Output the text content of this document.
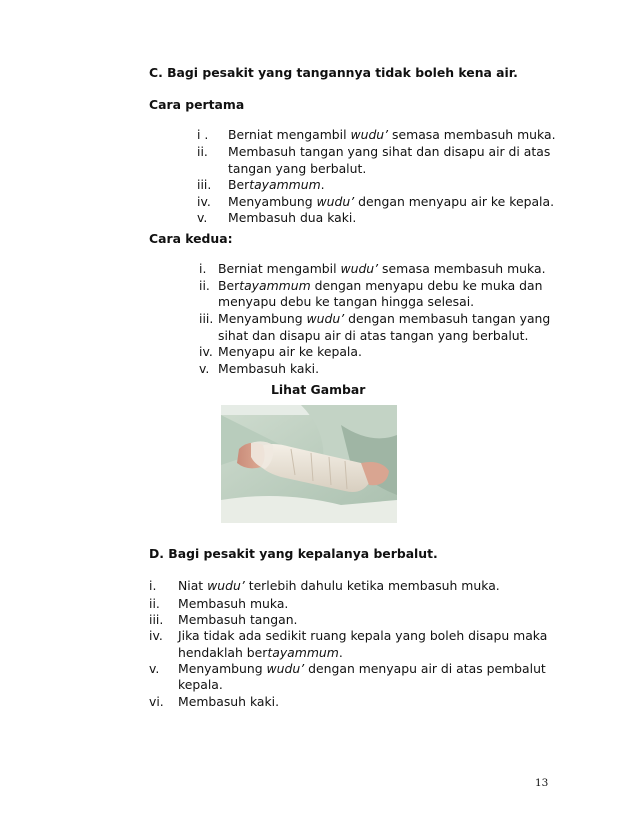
C. Bagi pesakit yang tangannya tidak boleh kena air.
Cara pertama
i . Berniat mengambil wudu’ semasa membasuh muka.
ii. Membasuh tangan yang sihat dan disapu air di atas
tangan yang berbalut.
iii. Bertayammum.
iv. Menyambung wudu’ dengan menyapu air ke kepala.
v. Membasuh dua kaki.
Cara kedua:
i. Berniat mengambil wudu’ semasa membasuh muka.
ii. Bertayammum dengan menyapu debu ke muka dan
menyapu debu ke tangan hingga selesai.
iii. Menyambung wudu’ dengan membasuh tangan yang
sihat dan disapu air di atas tangan yang berbalut.
iv. Menyapu air ke kepala.
v. Membasuh kaki.
Lihat Gambar
D. Bagi pesakit yang kepalanya berbalut.
i. Niat wudu’ terlebih dahulu ketika membasuh muka.
ii. Membasuh muka.
iii. Membasuh tangan.
iv. Jika tidak ada sedikit ruang kepala yang boleh disapu maka
hendaklah bertayammum.
v. Menyambung wudu’ dengan menyapu air di atas pembalut
kepala.
vi. Membasuh kaki.
13
